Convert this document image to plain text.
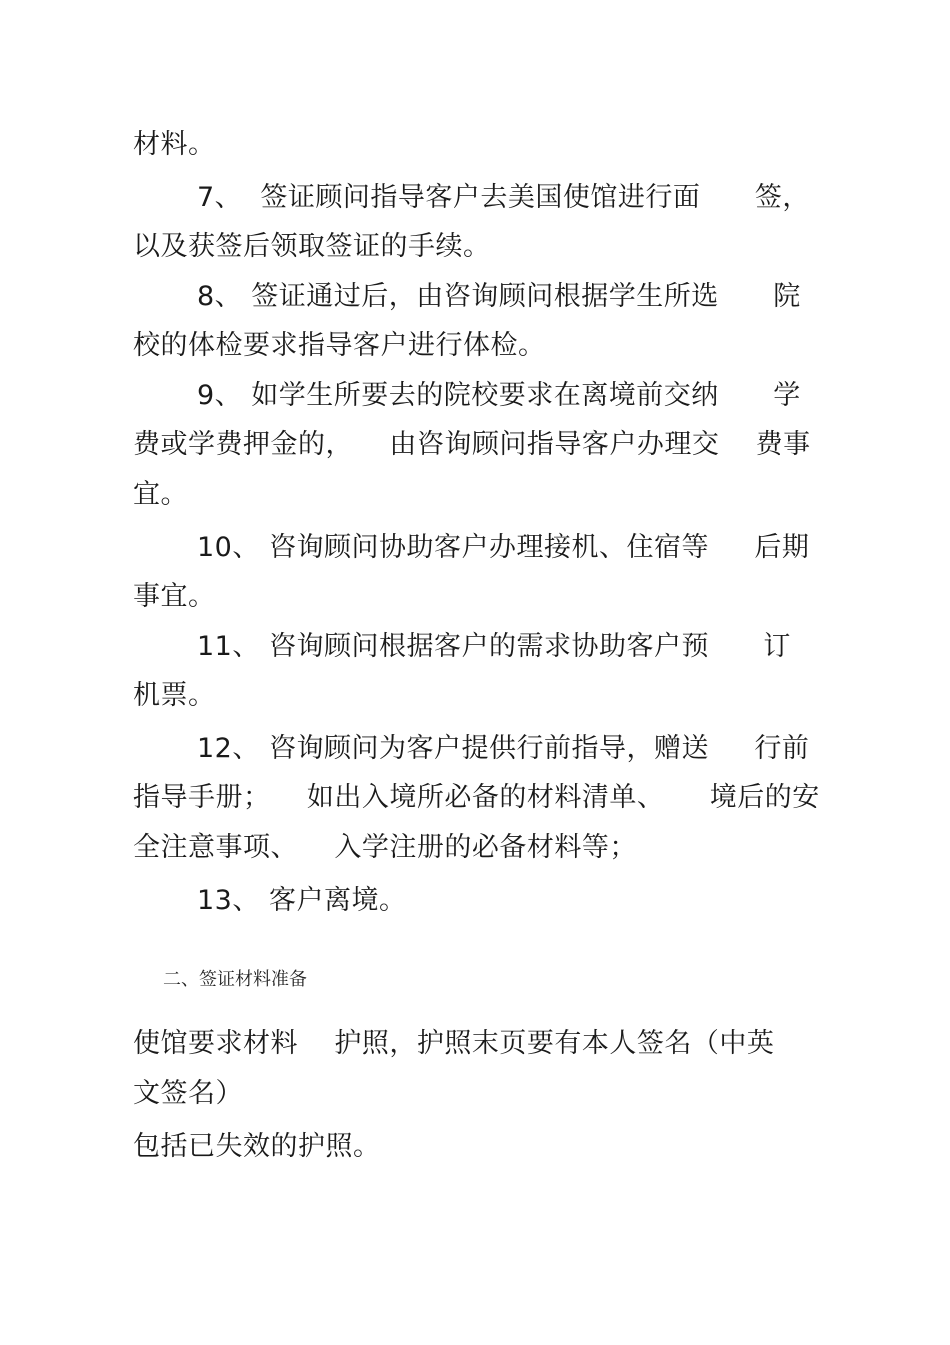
材料。
7、  签证顾问指导客户去美国使馆进行面      签，
以及获签后领取签证的手续。
8、 签证通过后，由咨询顾问根据学生所选      院
校的体检要求指导客户进行体检。
9、 如学生所要去的院校要求在离境前交纳      学
费或学费押金的，    由咨询顾问指导客户办理交    费事
宜。
10、 咨询顾问协助客户办理接机、住宿等     后期
事宜。
11、 咨询顾问根据客户的需求协助客户预      订
机票。
12、 咨询顾问为客户提供行前指导，赠送     行前
指导手册；    如出入境所必备的材料清单、     境后的安
全注意事项、    入学注册的必备材料等；
13、 客户离境。
二、签证材料准备
使馆要求材料    护照，护照末页要有本人签名（中英
文签名）
包括已失效的护照。
